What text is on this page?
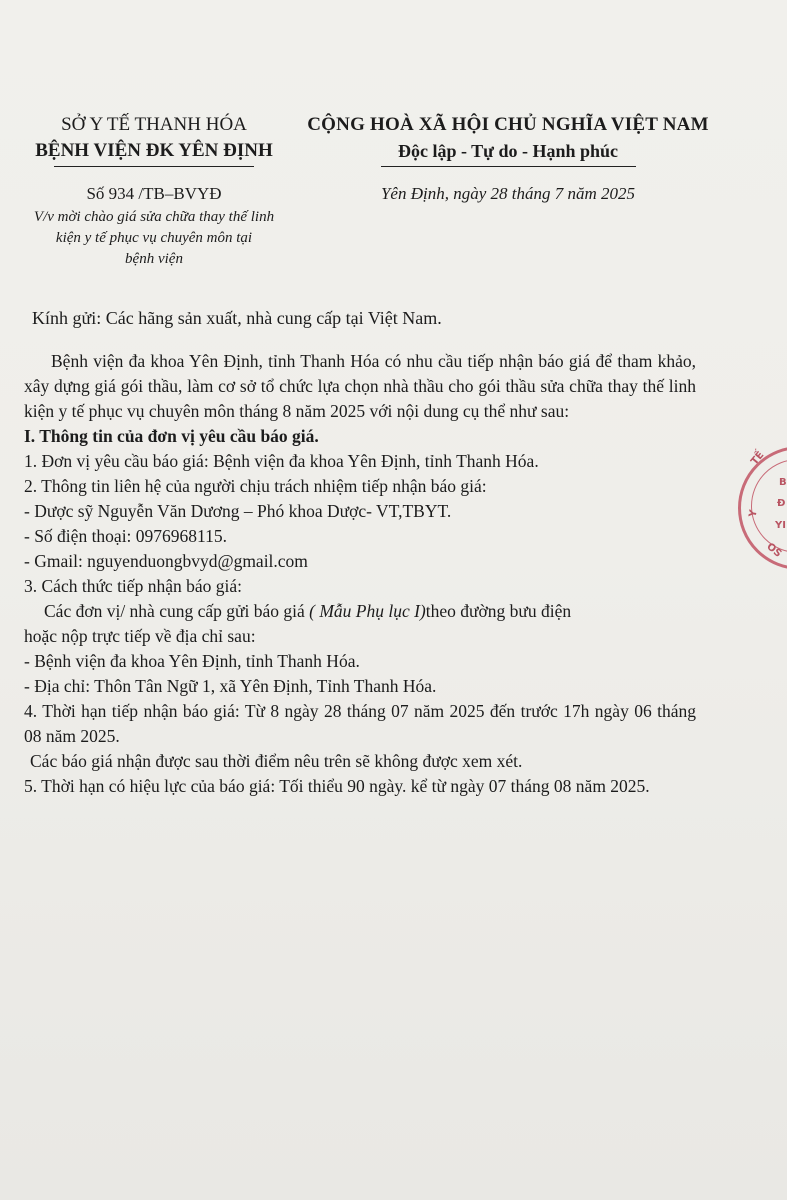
SỞ Y TẾ THANH HÓA
BỆNH VIỆN ĐK YÊN ĐỊNH
Số 934 /TB–BVYĐ
V/v mời chào giá sửa chữa thay thế linh
kiện y tế phục vụ chuyên môn tại
bệnh viện
CỘNG HOÀ XÃ HỘI CHỦ NGHĨA VIỆT NAM
Độc lập - Tự do - Hạnh phúc
Yên Định, ngày 28 tháng 7 năm 2025
Kính gửi: Các hãng sản xuất, nhà cung cấp tại Việt Nam.

Bệnh viện đa khoa Yên Định, tỉnh Thanh Hóa có nhu cầu tiếp nhận báo giá để tham khảo, xây dựng giá gói thầu, làm cơ sở tổ chức lựa chọn nhà thầu cho gói thầu sửa chữa thay thế linh kiện y tế phục vụ chuyên môn tháng 8 năm 2025 với nội dung cụ thể như sau:

I. Thông tin của đơn vị yêu cầu báo giá.

1. Đơn vị yêu cầu báo giá: Bệnh viện đa khoa Yên Định, tỉnh Thanh Hóa.

2. Thông tin liên hệ của người chịu trách nhiệm tiếp nhận báo giá:

- Dược sỹ Nguyễn Văn Dương – Phó khoa Dược- VT,TBYT.

- Số điện thoại: 0976968115.

- Gmail: nguyenduongbvyd@gmail.com

3. Cách thức tiếp nhận báo giá:

Các đơn vị/ nhà cung cấp gửi báo giá ( Mẫu Phụ lục I)theo đường bưu điện

hoặc nộp trực tiếp về địa chỉ sau:

- Bệnh viện đa khoa Yên Định, tỉnh Thanh Hóa.

- Địa chỉ: Thôn Tân Ngữ 1, xã Yên Định, Tỉnh Thanh Hóa.

4. Thời hạn tiếp nhận báo giá: Từ 8 ngày 28 tháng 07 năm 2025 đến trước 17h ngày 06 tháng 08 năm 2025.

Các báo giá nhận được sau thời điểm nêu trên sẽ không được xem xét.

5. Thời hạn có hiệu lực của báo giá: Tối thiểu 90 ngày. kể từ ngày 07 tháng 08 năm 2025.

TẾ
B
Đ
YI
Y
OS
